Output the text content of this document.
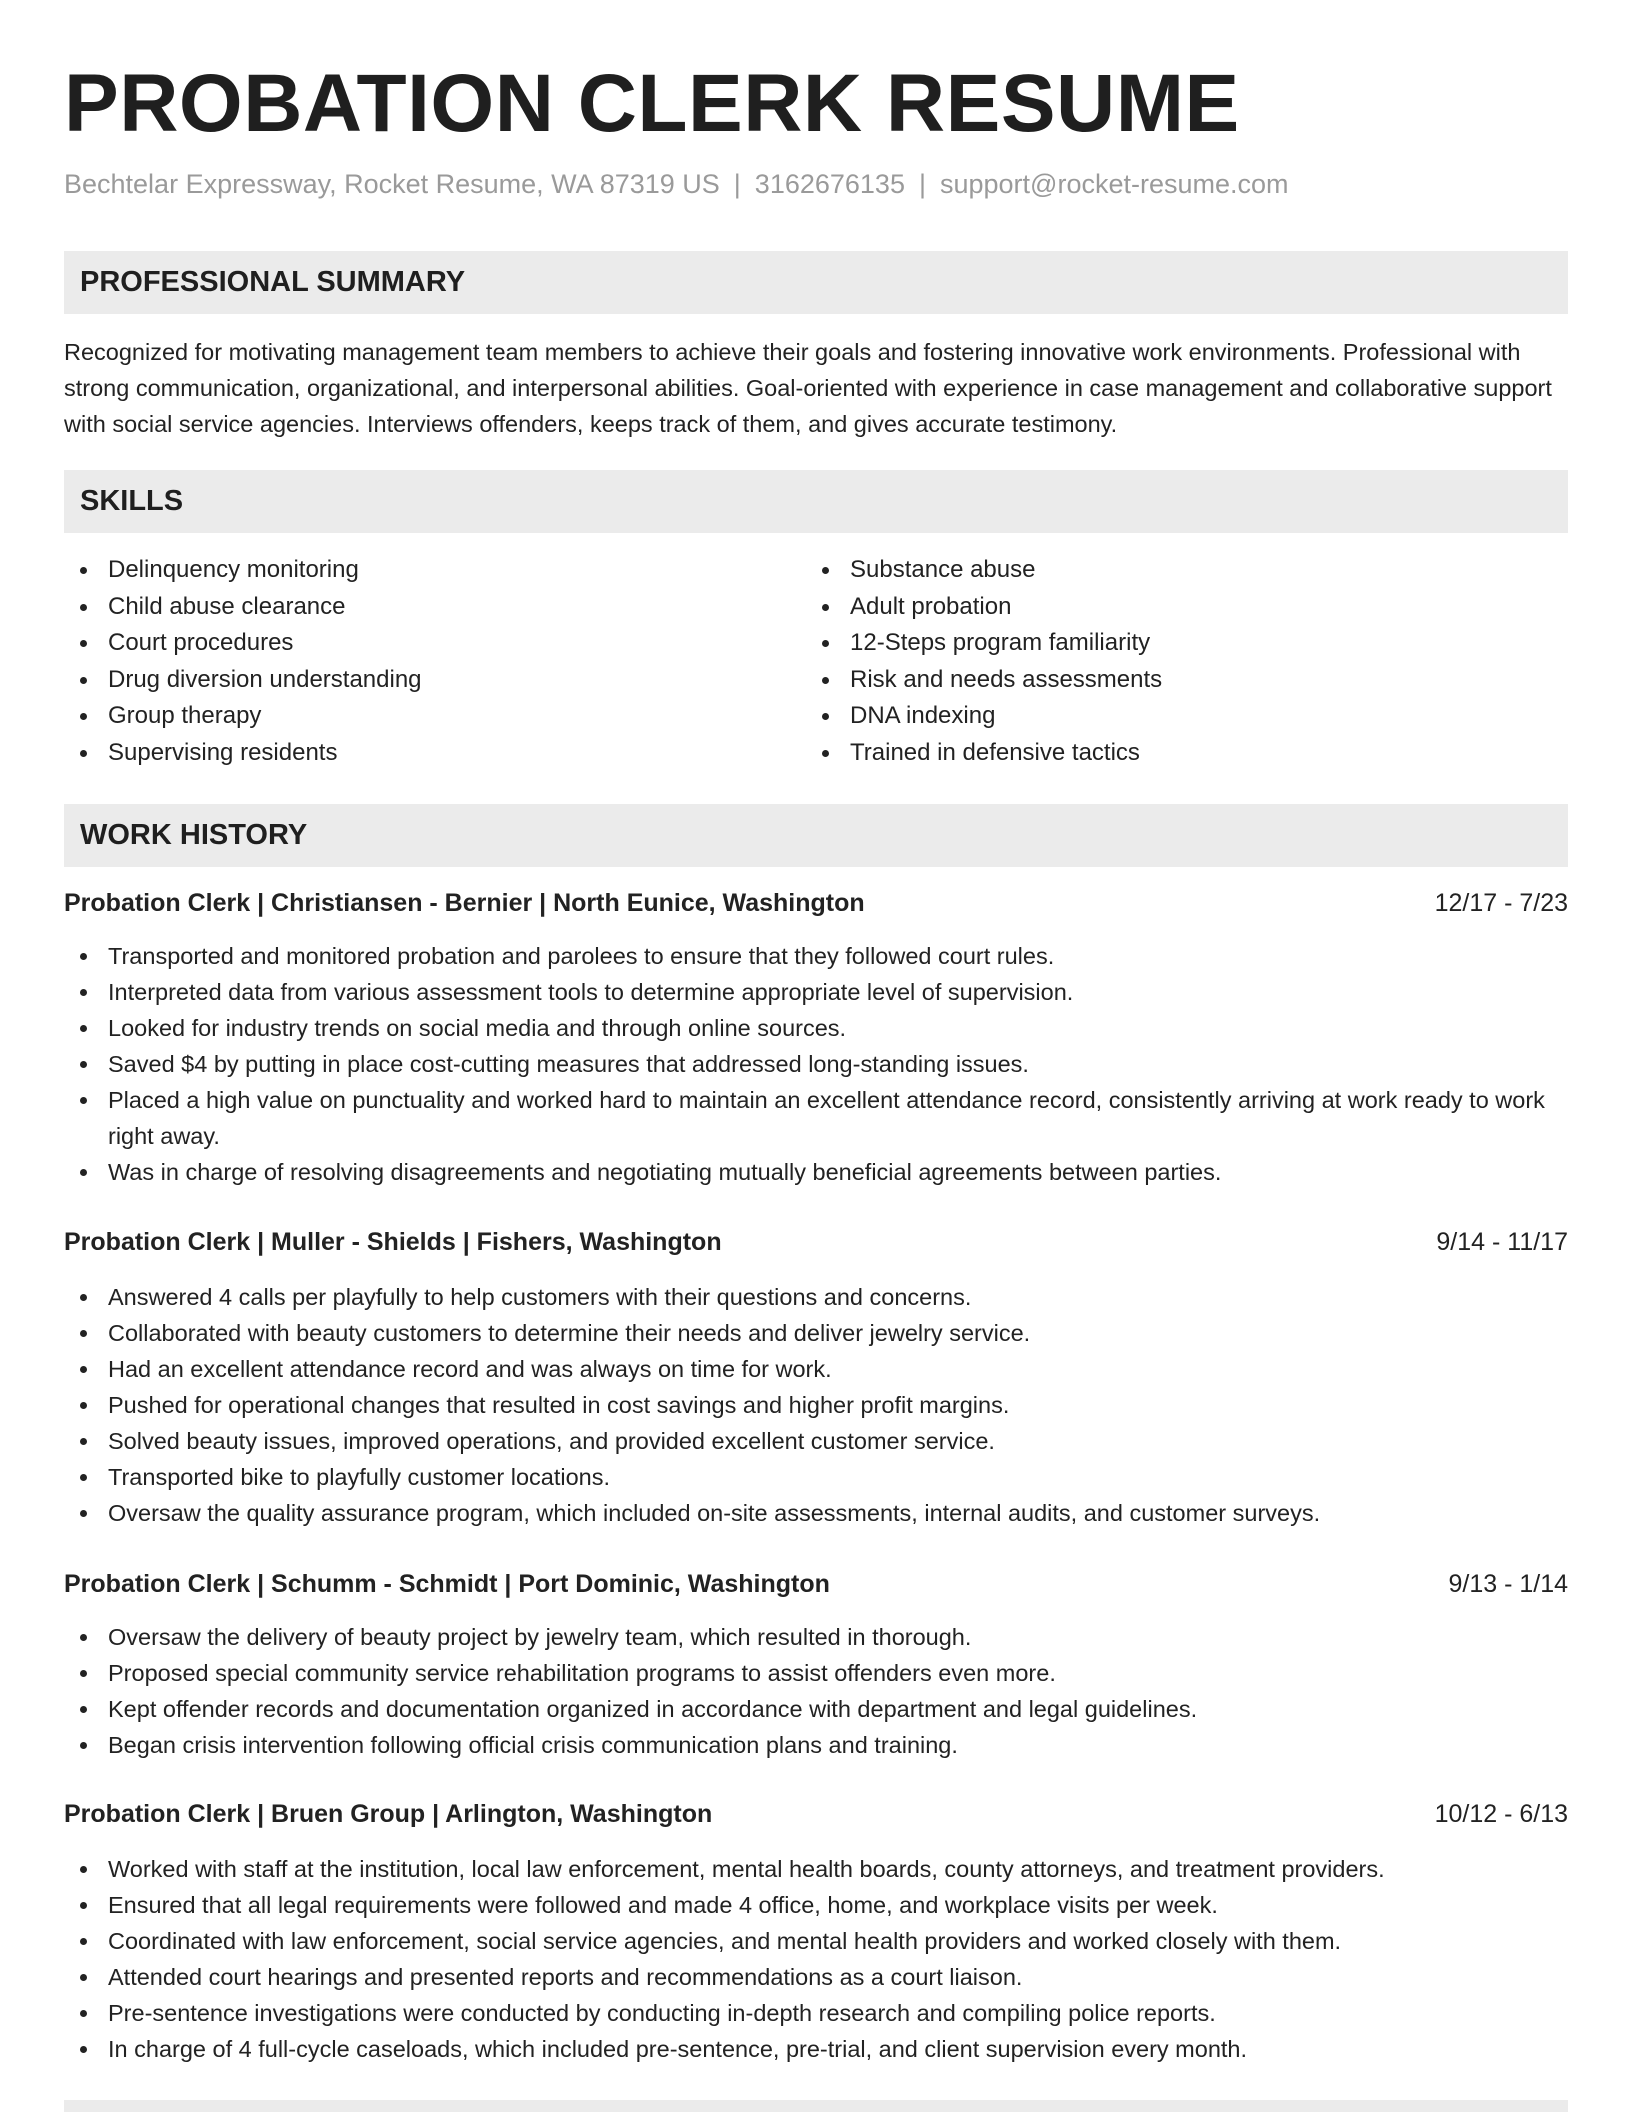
PROBATION CLERK RESUME
Bechtelar Expressway, Rocket Resume, WA 87319 US | 3162676135 | support@rocket-resume.com
PROFESSIONAL SUMMARY

Recognized for motivating management team members to achieve their goals and fostering innovative work environments. Professional with strong communication, organizational, and interpersonal abilities. Goal-oriented with experience in case management and collaborative support with social service agencies. Interviews offenders, keeps track of them, and gives accurate testimony.

SKILLS
Delinquency monitoring
Child abuse clearance
Court procedures
Drug diversion understanding
Group therapy
Supervising residents
Substance abuse
Adult probation
12-Steps program familiarity
Risk and needs assessments
DNA indexing
Trained in defensive tactics
WORK HISTORY
Probation Clerk | Christiansen - Bernier | North Eunice, Washington	12/17 - 7/23
Transported and monitored probation and parolees to ensure that they followed court rules.
Interpreted data from various assessment tools to determine appropriate level of supervision.
Looked for industry trends on social media and through online sources.
Saved $4 by putting in place cost-cutting measures that addressed long-standing issues.
Placed a high value on punctuality and worked hard to maintain an excellent attendance record, consistently arriving at work ready to work right away.
Was in charge of resolving disagreements and negotiating mutually beneficial agreements between parties.
Probation Clerk | Muller - Shields | Fishers, Washington	9/14 - 11/17
Answered 4 calls per playfully to help customers with their questions and concerns.
Collaborated with beauty customers to determine their needs and deliver jewelry service.
Had an excellent attendance record and was always on time for work.
Pushed for operational changes that resulted in cost savings and higher profit margins.
Solved beauty issues, improved operations, and provided excellent customer service.
Transported bike to playfully customer locations.
Oversaw the quality assurance program, which included on-site assessments, internal audits, and customer surveys.
Probation Clerk | Schumm - Schmidt | Port Dominic, Washington	9/13 - 1/14
Oversaw the delivery of beauty project by jewelry team, which resulted in thorough.
Proposed special community service rehabilitation programs to assist offenders even more.
Kept offender records and documentation organized in accordance with department and legal guidelines.
Began crisis intervention following official crisis communication plans and training.
Probation Clerk | Bruen Group | Arlington, Washington	10/12 - 6/13
Worked with staff at the institution, local law enforcement, mental health boards, county attorneys, and treatment providers.
Ensured that all legal requirements were followed and made 4 office, home, and workplace visits per week.
Coordinated with law enforcement, social service agencies, and mental health providers and worked closely with them.
Attended court hearings and presented reports and recommendations as a court liaison.
Pre-sentence investigations were conducted by conducting in-depth research and compiling police reports.
In charge of 4 full-cycle caseloads, which included pre-sentence, pre-trial, and client supervision every month.
